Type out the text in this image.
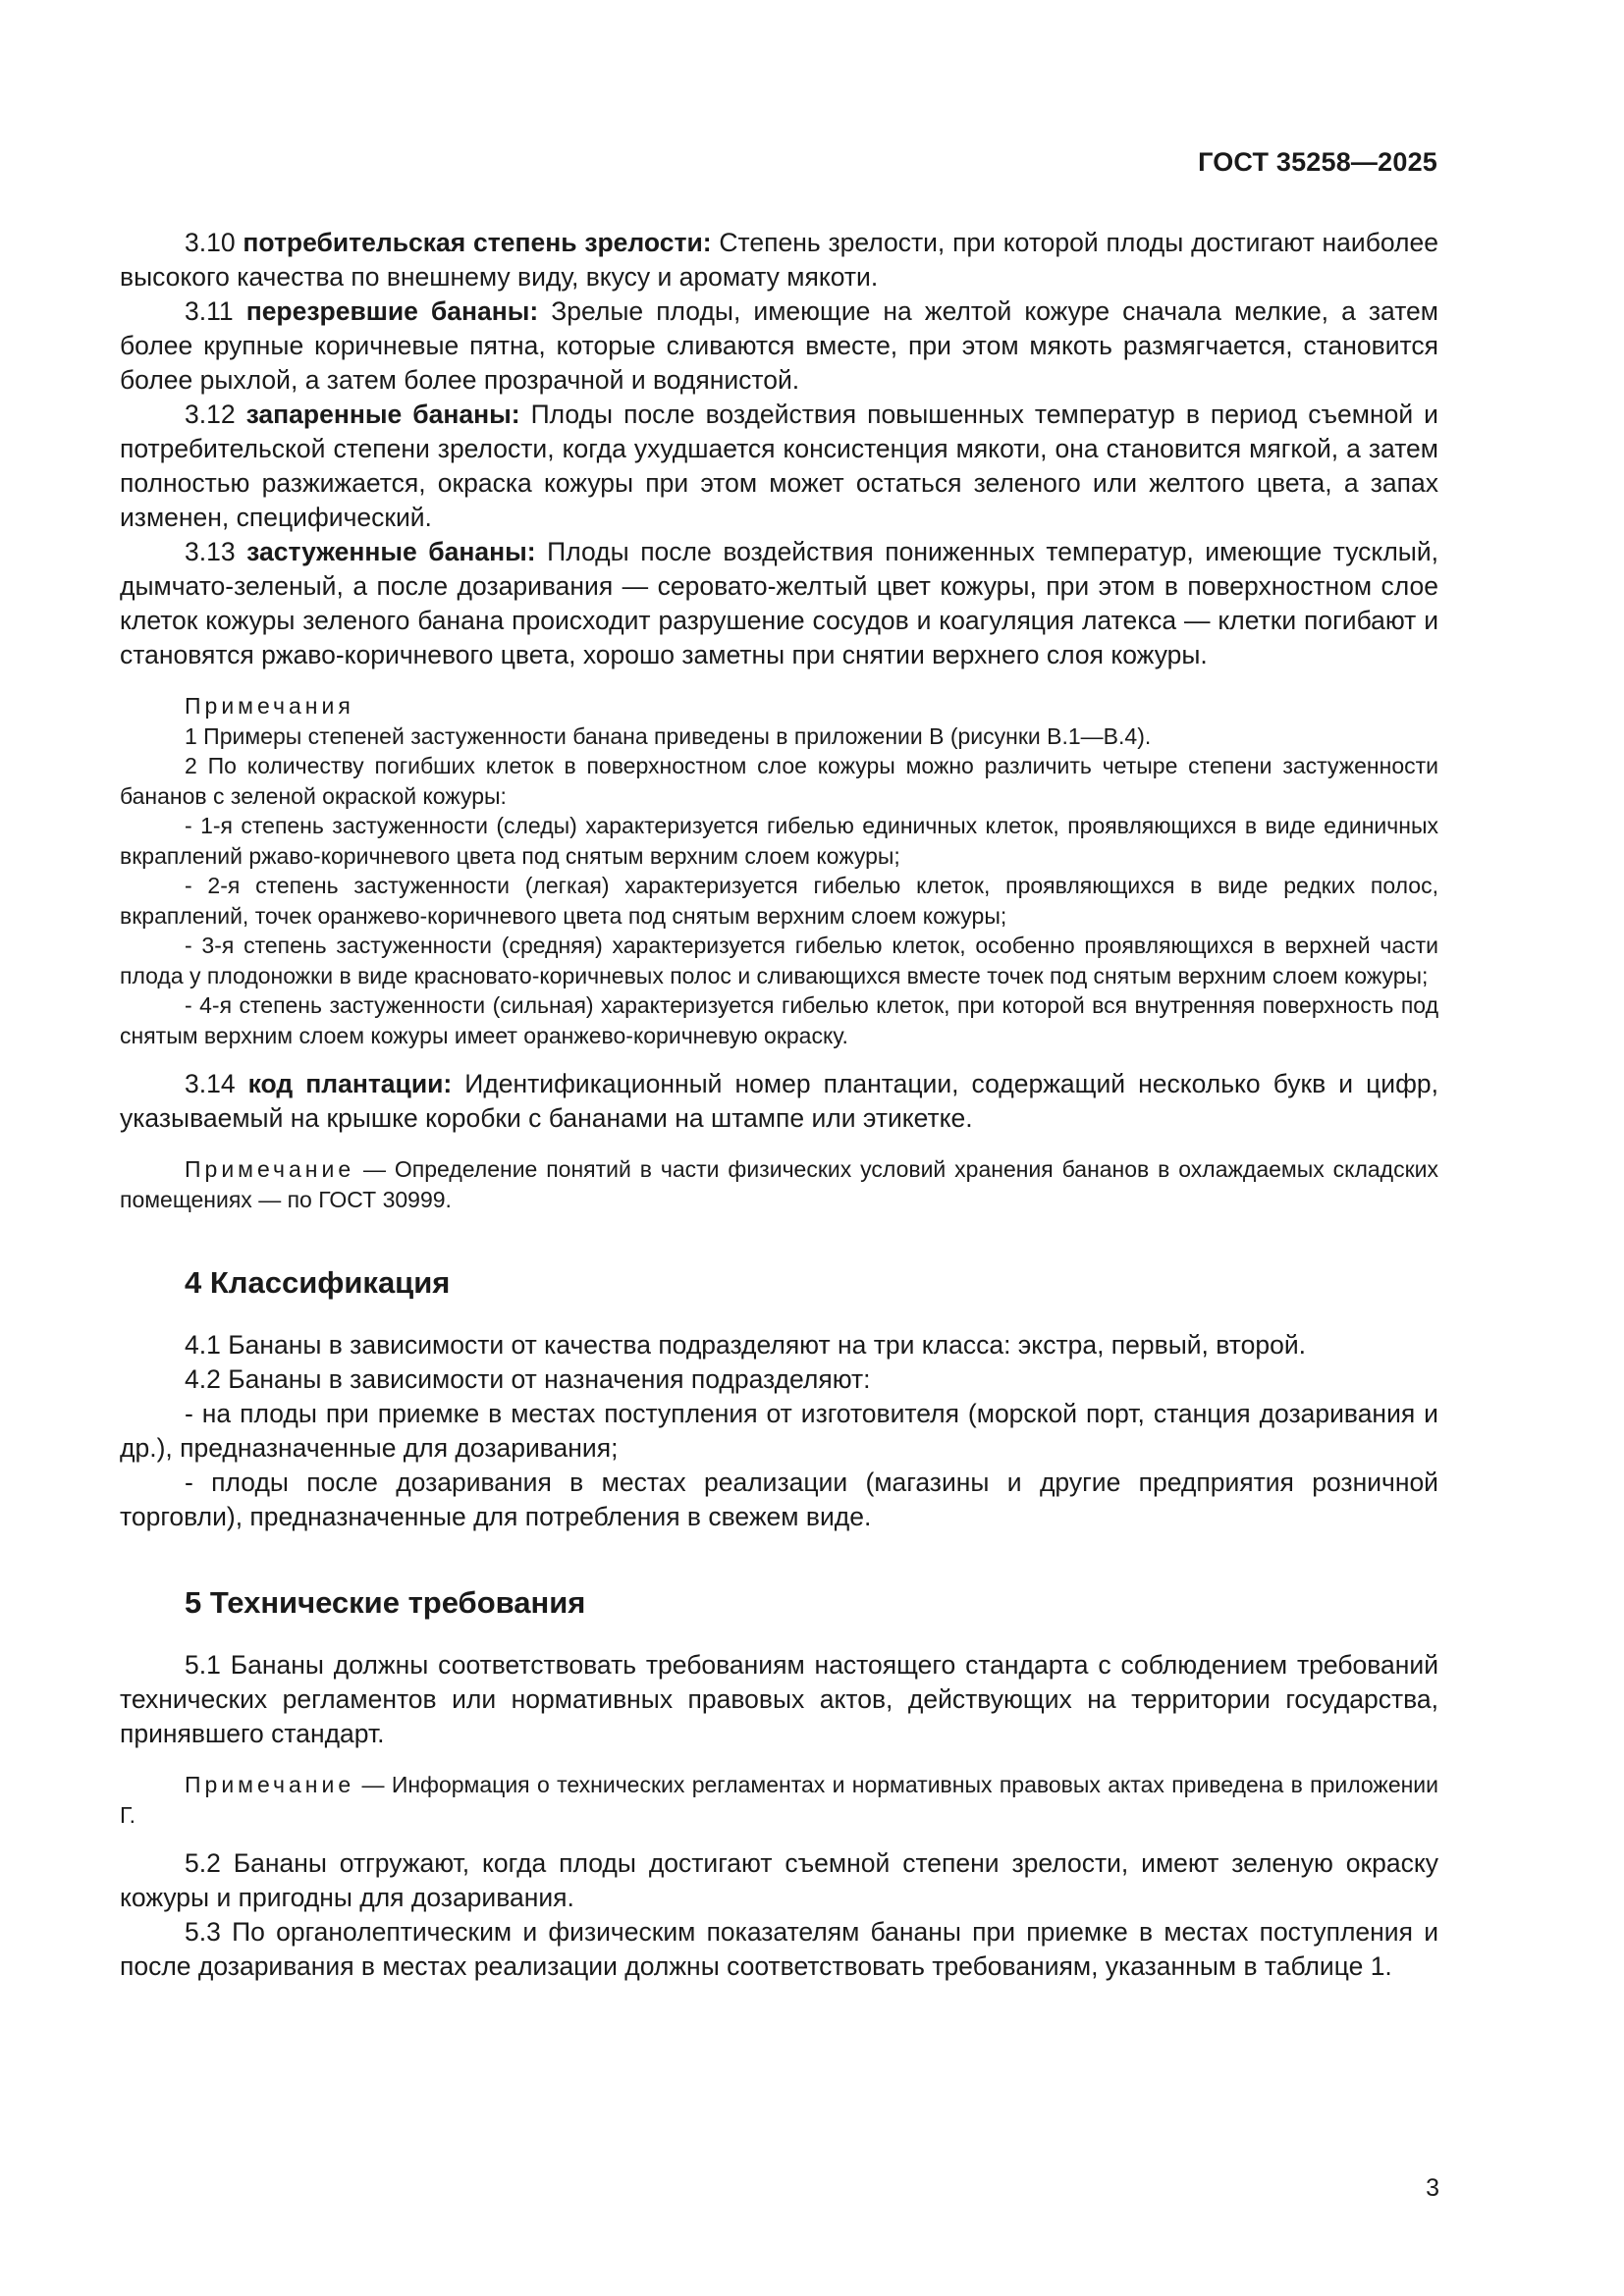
ГОСТ 35258—2025

3.10 потребительская степень зрелости: Степень зрелости, при которой плоды достигают наиболее высокого качества по внешнему виду, вкусу и аромату мякоти.

3.11 перезревшие бананы: Зрелые плоды, имеющие на желтой кожуре сначала мелкие, а затем более крупные коричневые пятна, которые сливаются вместе, при этом мякоть размягчается, становится более рыхлой, а затем более прозрачной и водянистой.

3.12 запаренные бананы: Плоды после воздействия повышенных температур в период съемной и потребительской степени зрелости, когда ухудшается консистенция мякоти, она становится мягкой, а затем полностью разжижается, окраска кожуры при этом может остаться зеленого или желтого цвета, а запах изменен, специфический.

3.13 застуженные бананы: Плоды после воздействия пониженных температур, имеющие тусклый, дымчато-зеленый, а после дозаривания — серовато-желтый цвет кожуры, при этом в поверхностном слое клеток кожуры зеленого банана происходит разрушение сосудов и коагуляция латекса — клетки погибают и становятся ржаво-коричневого цвета, хорошо заметны при снятии верхнего слоя кожуры.

Примечания

1 Примеры степеней застуженности банана приведены в приложении В (рисунки В.1—В.4).

2 По количеству погибших клеток в поверхностном слое кожуры можно различить четыре степени застуженности бананов с зеленой окраской кожуры:

- 1-я степень застуженности (следы) характеризуется гибелью единичных клеток, проявляющихся в виде единичных вкраплений ржаво-коричневого цвета под снятым верхним слоем кожуры;

- 2-я степень застуженности (легкая) характеризуется гибелью клеток, проявляющихся в виде редких полос, вкраплений, точек оранжево-коричневого цвета под снятым верхним слоем кожуры;

- 3-я степень застуженности (средняя) характеризуется гибелью клеток, особенно проявляющихся в верхней части плода у плодоножки в виде красновато-коричневых полос и сливающихся вместе точек под снятым верхним слоем кожуры;

- 4-я степень застуженности (сильная) характеризуется гибелью клеток, при которой вся внутренняя поверхность под снятым верхним слоем кожуры имеет оранжево-коричневую окраску.

3.14 код плантации: Идентификационный номер плантации, содержащий несколько букв и цифр, указываемый на крышке коробки с бананами на штампе или этикетке.

Примечание — Определение понятий в части физических условий хранения бананов в охлаждаемых складских помещениях — по ГОСТ 30999.
4 Классификация

4.1 Бананы в зависимости от качества подразделяют на три класса: экстра, первый, второй.

4.2 Бананы в зависимости от назначения подразделяют:

- на плоды при приемке в местах поступления от изготовителя (морской порт, станция дозаривания и др.), предназначенные для дозаривания;

- плоды после дозаривания в местах реализации (магазины и другие предприятия розничной торговли), предназначенные для потребления в свежем виде.

5 Технические требования

5.1 Бананы должны соответствовать требованиям настоящего стандарта с соблюдением требований технических регламентов или нормативных правовых актов, действующих на территории государства, принявшего стандарт.

Примечание — Информация о технических регламентах и нормативных правовых актах приведена в приложении Г.

5.2 Бананы отгружают, когда плоды достигают съемной степени зрелости, имеют зеленую окраску кожуры и пригодны для дозаривания.

5.3 По органолептическим и физическим показателям бананы при приемке в местах поступления и после дозаривания в местах реализации должны соответствовать требованиям, указанным в таблице 1.

3
